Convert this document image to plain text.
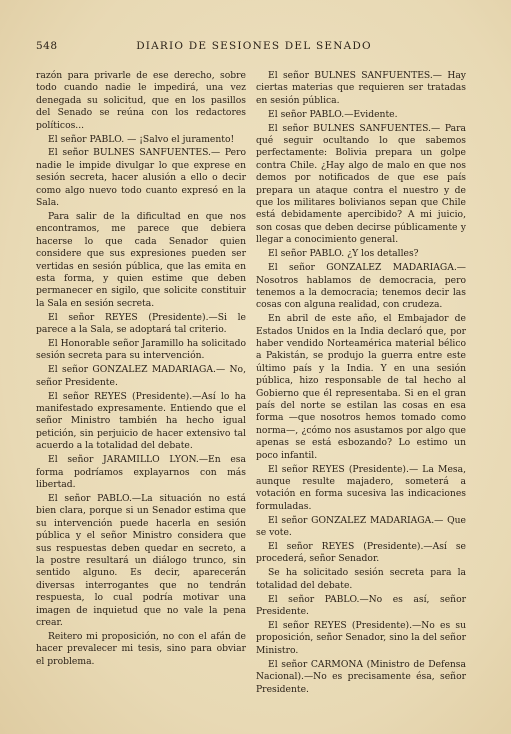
548	DIARIO DE SESIONES DEL SENADO

razón para privarle de ese derecho, sobre todo cuando nadie le impedirá, una vez denegada su solicitud, que en los pasillos del Senado se reúna con los redactores políticos...

El señor PABLO. — ¡Salvo el juramento!

El señor BULNES SANFUENTES.— Pero nadie le impide divulgar lo que exprese en sesión secreta, hacer alusión a ello o decir como algo nuevo todo cuanto expresó en la Sala.

Para salir de la dificultad en que nos encontramos, me parece que debiera hacerse lo que cada Senador quien considere que sus expresiones pueden ser vertidas en sesión pública, que las emita en esta forma, y quien estime que deben permanecer en sigilo, que solicite constituir la Sala en sesión secreta.

El señor REYES (Presidente).—Si le parece a la Sala, se adoptará tal criterio.

El Honorable señor Jaramillo ha solicitado sesión secreta para su intervención.

El señor GONZALEZ MADARIAGA.— No, señor Presidente.

El señor REYES (Presidente).—Así lo ha manifestado expresamente. Entiendo que el señor Ministro también ha hecho igual petición, sin perjuicio de hacer extensivo tal acuerdo a la totalidad del debate.

El señor JARAMILLO LYON.—En esa forma podríamos explayarnos con más libertad.

El señor PABLO.—La situación no está bien clara, porque si un Senador estima que su intervención puede hacerla en sesión pública y el señor Ministro considera que sus respuestas deben quedar en secreto, a la postre resultará un diálogo trunco, sin sentido alguno. Es decir, aparecerán diversas interrogantes que no tendrán respuesta, lo cual podría motivar una imagen de inquietud que no vale la pena crear.

Reitero mi proposición, no con el afán de hacer prevalecer mi tesis, sino para obviar el problema.

El señor BULNES SANFUENTES.— Hay ciertas materias que requieren ser tratadas en sesión pública.

El señor PABLO.—Evidente.

El señor BULNES SANFUENTES.— Para qué seguir ocultando lo que sabemos perfectamente: Bolivia prepara un golpe contra Chile. ¿Hay algo de malo en que nos demos por notificados de que ese país prepara un ataque contra el nuestro y de que los militares bolivianos sepan que Chile está debidamente apercibido? A mi juicio, son cosas que deben decirse públicamente y llegar a conocimiento general.

El señor PABLO. ¿Y los detalles?

El señor GONZALEZ MADARIAGA.— Nosotros hablamos de democracia, pero tenemos a la democracia; tenemos decir las cosas con alguna realidad, con crudeza.

En abril de este año, el Embajador de Estados Unidos en la India declaró que, por haber vendido Norteamérica material bélico a Pakistán, se produjo la guerra entre este último país y la India. Y en una sesión pública, hizo responsable de tal hecho al Gobierno que él representaba. Si en el gran país del norte se estilan las cosas en esa forma —que nosotros hemos tomado como norma—, ¿cómo nos asustamos por algo que apenas se está esbozando? Lo estimo un poco infantil.

El señor REYES (Presidente).— La Mesa, aunque resulte majadero, someterá a votación en forma sucesiva las indicaciones formuladas.

El señor GONZALEZ MADARIAGA.— Que se vote.

El señor REYES (Presidente).—Así se procederá, señor Senador.

Se ha solicitado sesión secreta para la totalidad del debate.

El señor PABLO.—No es así, señor Presidente.

El señor REYES (Presidente).—No es su proposición, señor Senador, sino la del señor Ministro.

El señor CARMONA (Ministro de Defensa Nacional).—No es precisamente ésa, señor Presidente.
